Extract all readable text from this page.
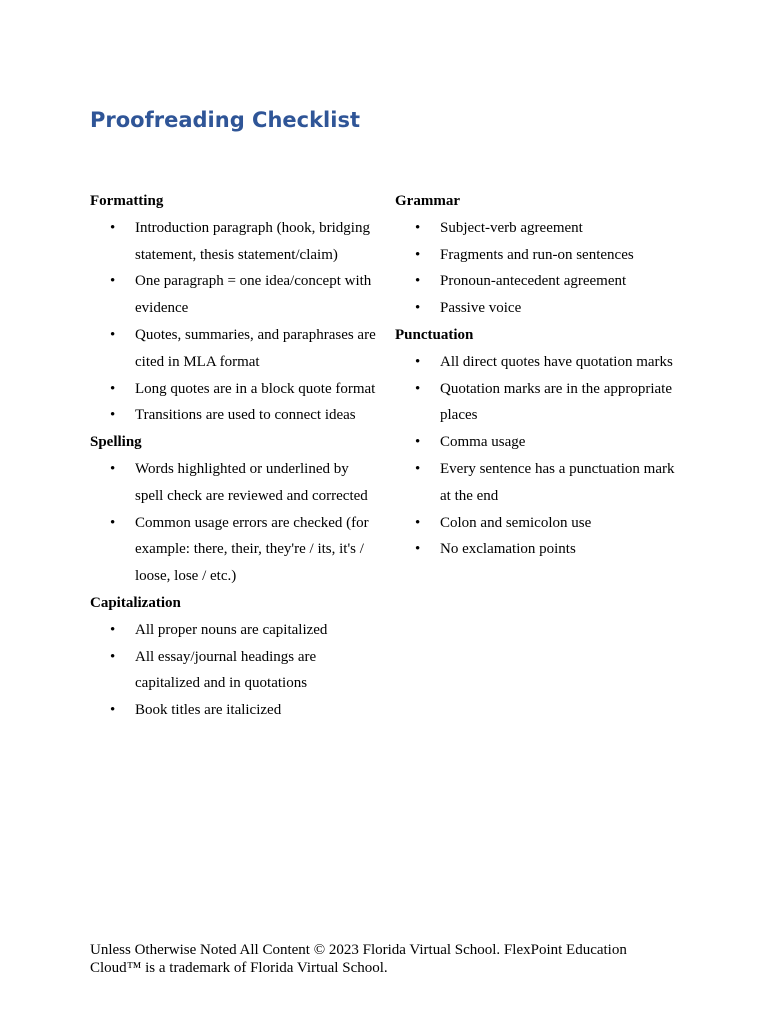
Proofreading Checklist
Formatting
• Introduction paragraph (hook, bridging statement, thesis statement/claim)
• One paragraph = one idea/concept with evidence
• Quotes, summaries, and paraphrases are cited in MLA format
• Long quotes are in a block quote format
• Transitions are used to connect ideas
Spelling
• Words highlighted or underlined by spell check are reviewed and corrected
• Common usage errors are checked (for example: there, their, they're / its, it's / loose, lose / etc.)
Capitalization
• All proper nouns are capitalized
• All essay/journal headings are capitalized and in quotations
• Book titles are italicized
Grammar
• Subject-verb agreement
• Fragments and run-on sentences
• Pronoun-antecedent agreement
• Passive voice
Punctuation
• All direct quotes have quotation marks
• Quotation marks are in the appropriate places
• Comma usage
• Every sentence has a punctuation mark at the end
• Colon and semicolon use
• No exclamation points

Unless Otherwise Noted All Content © 2023 Florida Virtual School. FlexPoint Education Cloud™ is a trademark of Florida Virtual School.
